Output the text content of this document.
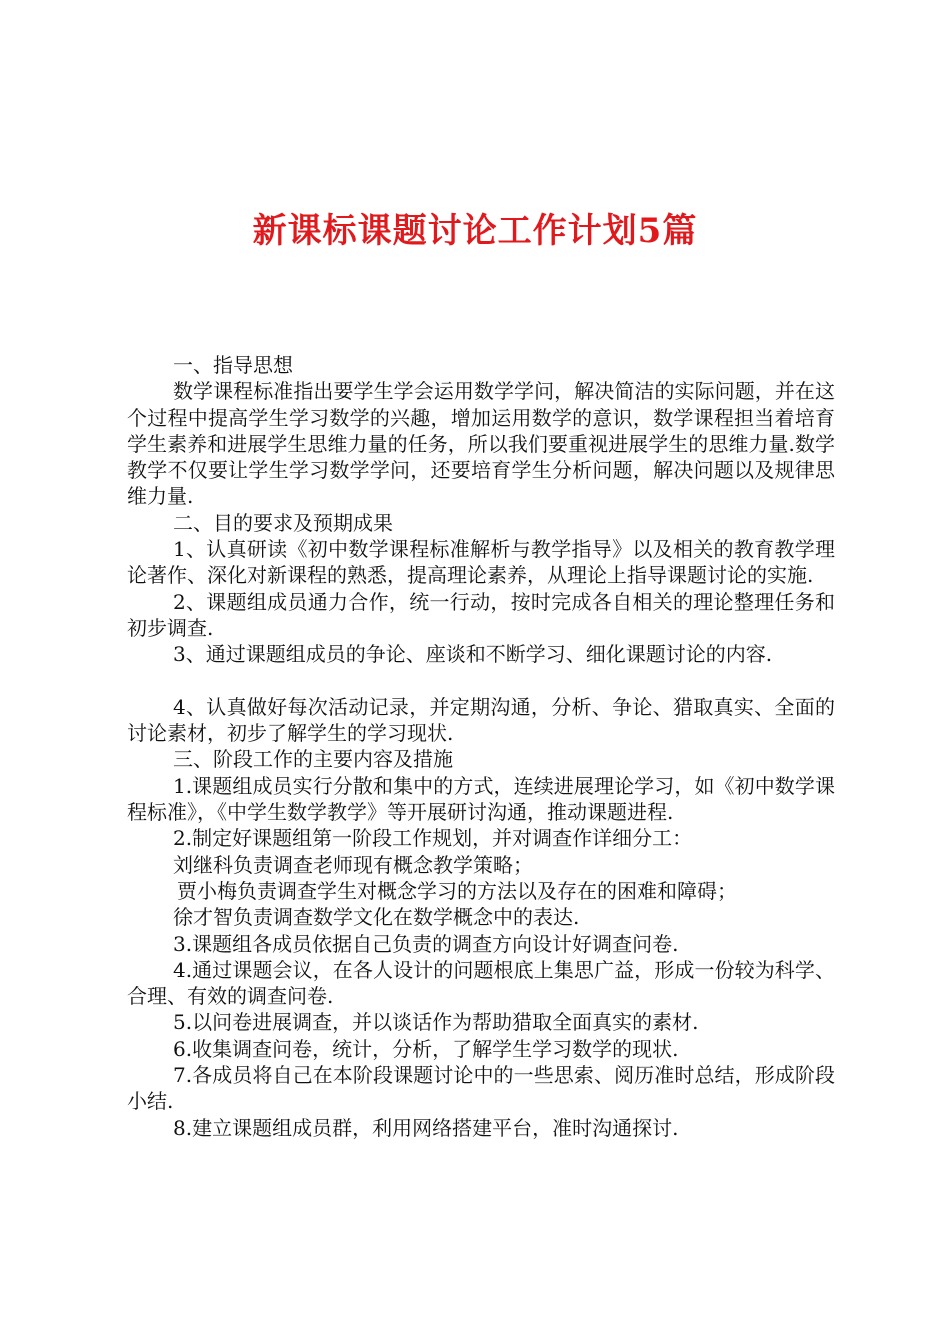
新课标课题讨论工作计划5篇

一、指导思想

数学课程标准指出要学生学会运用数学学问，解决简洁的实际问题，并在这个过程中提高学生学习数学的兴趣，增加运用数学的意识，数学课程担当着培育学生素养和进展学生思维力量的任务，所以我们要重视进展学生的思维力量.数学教学不仅要让学生学习数学学问，还要培育学生分析问题，解决问题以及规律思维力量.

二、目的要求及预期成果

1、认真研读《初中数学课程标准解析与教学指导》以及相关的教育教学理论著作、深化对新课程的熟悉，提高理论素养，从理论上指导课题讨论的实施.

2、课题组成员通力合作，统一行动，按时完成各自相关的理论整理任务和初步调查.

3、通过课题组成员的争论、座谈和不断学习、细化课题讨论的内容.

4、认真做好每次活动记录，并定期沟通，分析、争论、猎取真实、全面的讨论素材，初步了解学生的学习现状.

三、阶段工作的主要内容及措施

1.课题组成员实行分散和集中的方式，连续进展理论学习，如《初中数学课程标准》，《中学生数学教学》等开展研讨沟通，推动课题进程.

2.制定好课题组第一阶段工作规划，并对调查作详细分工：

刘继科负责调查老师现有概念教学策略；

贾小梅负责调查学生对概念学习的方法以及存在的困难和障碍；

徐才智负责调查数学文化在数学概念中的表达.

3.课题组各成员依据自己负责的调查方向设计好调查问卷.

4.通过课题会议，在各人设计的问题根底上集思广益，形成一份较为科学、合理、有效的调查问卷.

5.以问卷进展调查，并以谈话作为帮助猎取全面真实的素材.

6.收集调查问卷，统计，分析，了解学生学习数学的现状.

7.各成员将自己在本阶段课题讨论中的一些思索、阅历准时总结，形成阶段小结.

8.建立课题组成员群，利用网络搭建平台，准时沟通探讨.
